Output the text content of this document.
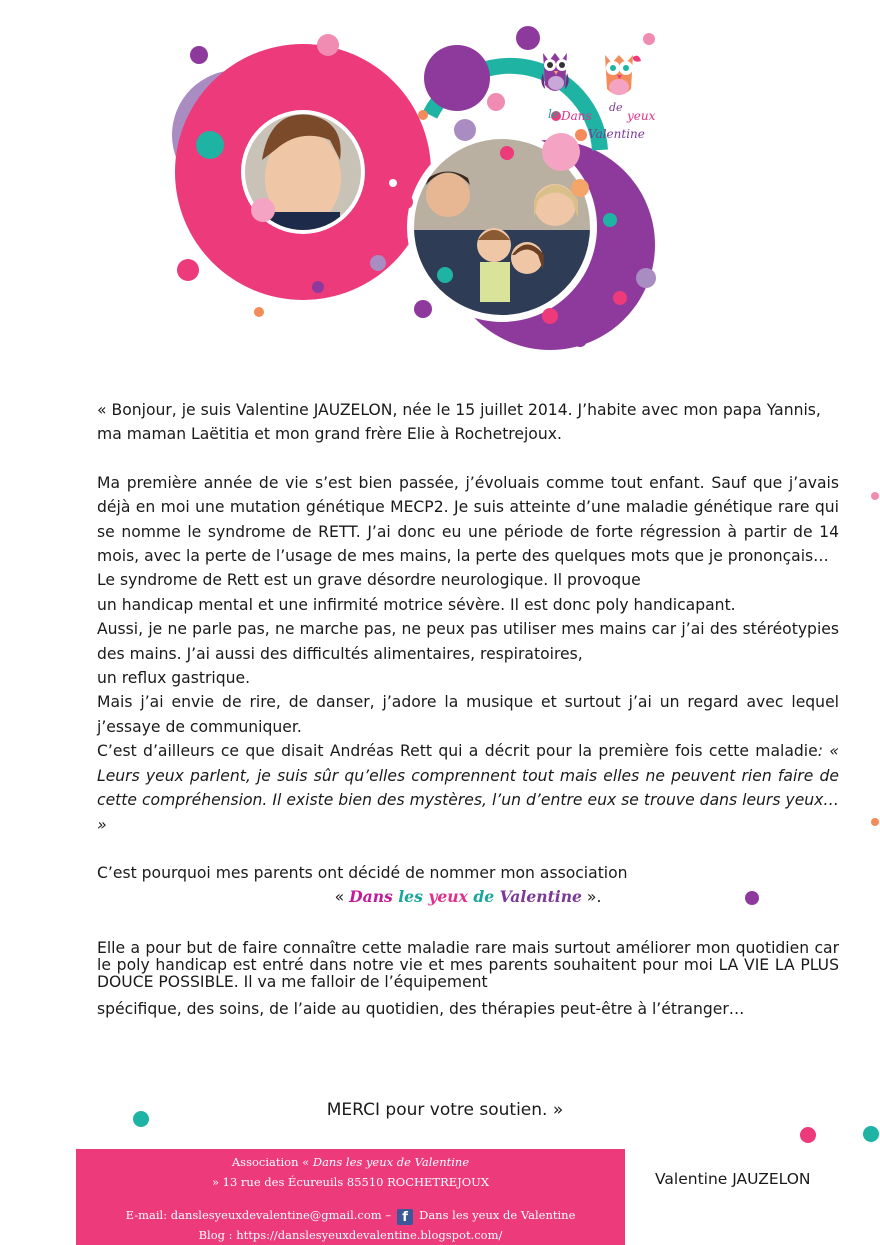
le Dans
de
yeux
Valentine

« Bonjour, je suis Valentine JAUZELON, née le 15 juillet 2014. J’habite avec mon papa Yannis, ma maman Laëtitia et mon grand frère Elie à Rochetrejoux.

Ma première année de vie s’est bien passée, j’évoluais comme tout enfant. Sauf que j’avais déjà en moi une mutation génétique MECP2. Je suis atteinte d’une maladie génétique rare qui se nomme le syndrome de RETT. J’ai donc eu une période de forte régression à partir de 14 mois, avec la perte de l’usage de mes mains, la perte des quelques mots que je prononçais…

Le syndrome de Rett est un grave désordre neurologique. Il provoque

un handicap mental et une infirmité motrice sévère. Il est donc poly handicapant.

Aussi, je ne parle pas, ne marche pas, ne peux pas utiliser mes mains car j’ai des stéréotypies des mains. J’ai aussi des difficultés alimentaires, respiratoires,

un reflux gastrique.

Mais j’ai envie de rire, de danser, j’adore la musique et surtout j’ai un regard avec lequel j’essaye de communiquer.

C’est d’ailleurs ce que disait Andréas Rett qui a décrit pour la première fois cette maladie: « Leurs yeux parlent, je suis sûr qu’elles comprennent tout mais elles ne peuvent rien faire de cette compréhension. Il existe bien des mystères, l’un d’entre eux se trouve dans leurs yeux… »

C’est pourquoi mes parents ont décidé de nommer mon association

« Dans les yeux de Valentine ».

Elle a pour but de faire connaître cette maladie rare mais surtout améliorer mon quotidien car le poly handicap est entré dans notre vie et mes parents souhaitent pour moi LA VIE LA PLUS DOUCE POSSIBLE. Il va me falloir de l’équipement

spécifique, des soins, de l’aide au quotidien, des thérapies peut-être à l’étranger…

MERCI pour votre soutien. »
Association « Dans les yeux de Valentine
» 13 rue des Écureuils 85510 ROCHETREJOUX
E-mail: danslesyeuxdevalentine@gmail.com – f Dans les yeux de Valentine
Blog : https://danslesyeuxdevalentine.blogspot.com/
Valentine JAUZELON
